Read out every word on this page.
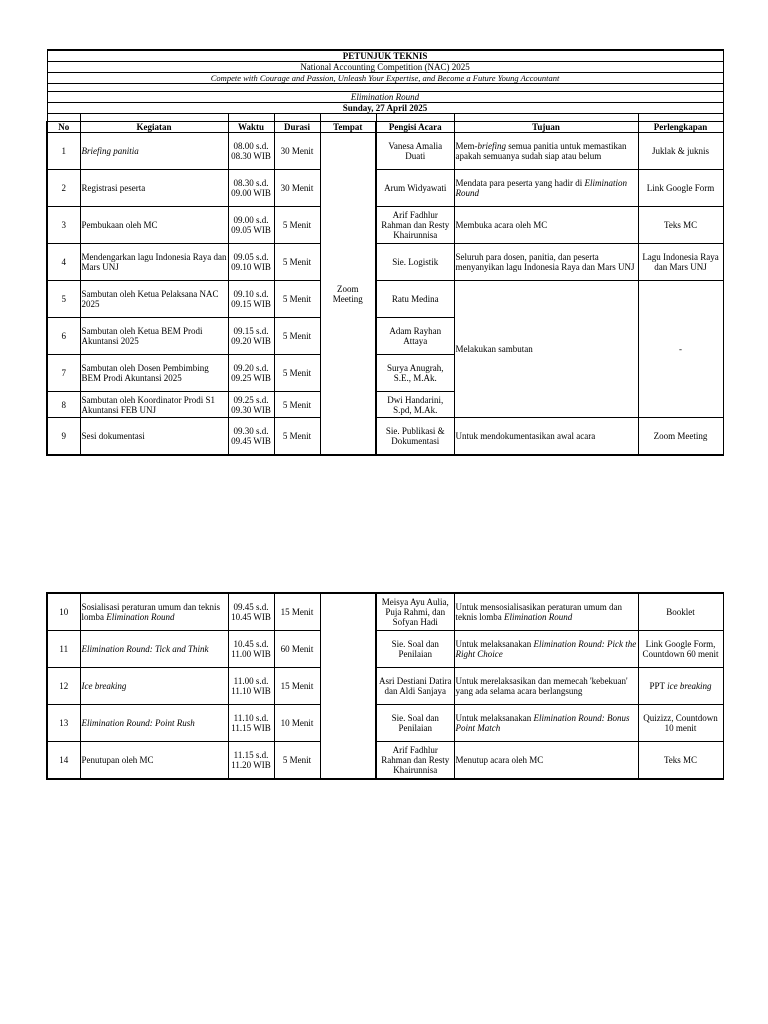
PETUNJUK TEKNIS							
National Accounting Competition (NAC) 2025							
Compete with Courage and Passion, Unleash Your Expertise, and Become a Future Young Accountant							

Elimination Round							
Sunday, 27 April 2025							

No	Kegiatan	Waktu	Durasi	Tempat	Pengisi Acara	Tujuan	Perlengkapan
1	Briefing panitia	08.00 s.d. 08.30 WIB	30 Menit	Zoom Meeting	Vanesa Amalia Duati	Mem-briefing semua panitia untuk memastikan apakah semuanya sudah siap atau belum	Juklak & juknis
2	Registrasi peserta	08.30 s.d. 09.00 WIB	30 Menit		Arum Widyawati	Mendata para peserta yang hadir di Elimination Round	Link Google Form
3	Pembukaan oleh MC	09.00 s.d. 09.05 WIB	5 Menit		Arif Fadhlur Rahman dan Resty Khairunnisa	Membuka acara oleh MC	Teks MC
4	Mendengarkan lagu Indonesia Raya dan Mars UNJ	09.05 s.d. 09.10 WIB	5 Menit		Sie. Logistik	Seluruh para dosen, panitia, dan peserta menyanyikan lagu Indonesia Raya dan Mars UNJ	Lagu Indonesia Raya dan Mars UNJ
5	Sambutan oleh Ketua Pelaksana NAC 2025	09.10 s.d. 09.15 WIB	5 Menit		Ratu Medina	Melakukan sambutan	-
6	Sambutan oleh Ketua BEM Prodi Akuntansi 2025	09.15 s.d. 09.20 WIB	5 Menit		Adam Rayhan Attaya		
7	Sambutan oleh Dosen Pembimbing BEM Prodi Akuntansi 2025	09.20 s.d. 09.25 WIB	5 Menit		Surya Anugrah, S.E., M.Ak.		
8	Sambutan oleh Koordinator Prodi S1 Akuntansi FEB UNJ	09.25 s.d. 09.30 WIB	5 Menit		Dwi Handarini, S.pd, M.Ak.		
9	Sesi dokumentasi	09.30 s.d. 09.45 WIB	5 Menit		Sie. Publikasi & Dokumentasi	Untuk mendokumentasikan awal acara	Zoom Meeting
10	Sosialisasi peraturan umum dan teknis lomba Elimination Round	09.45 s.d. 10.45 WIB	15 Menit		Meisya Ayu Aulia, Puja Rahmi, dan Sofyan Hadi	Untuk mensosialisasikan peraturan umum dan teknis lomba Elimination Round	Booklet
11	Elimination Round: Tick and Think	10.45 s.d. 11.00 WIB	60 Menit		Sie. Soal dan Penilaian	Untuk melaksanakan Elimination Round: Pick the Right Choice	Link Google Form, Countdown 60 menit
12	Ice breaking	11.00 s.d. 11.10 WIB	15 Menit		Asri Destiani Datira dan Aldi Sanjaya	Untuk merelaksasikan dan memecah 'kebekuan' yang ada selama acara berlangsung	PPT ice breaking
13	Elimination Round: Point Rush	11.10 s.d. 11.15 WIB	10 Menit		Sie. Soal dan Penilaian	Untuk melaksanakan Elimination Round: Bonus Point Match	Quizizz, Countdown 10 menit
14	Penutupan oleh MC	11.15 s.d. 11.20 WIB	5 Menit		Arif Fadhlur Rahman dan Resty Khairunnisa	Menutup acara oleh MC	Teks MC
